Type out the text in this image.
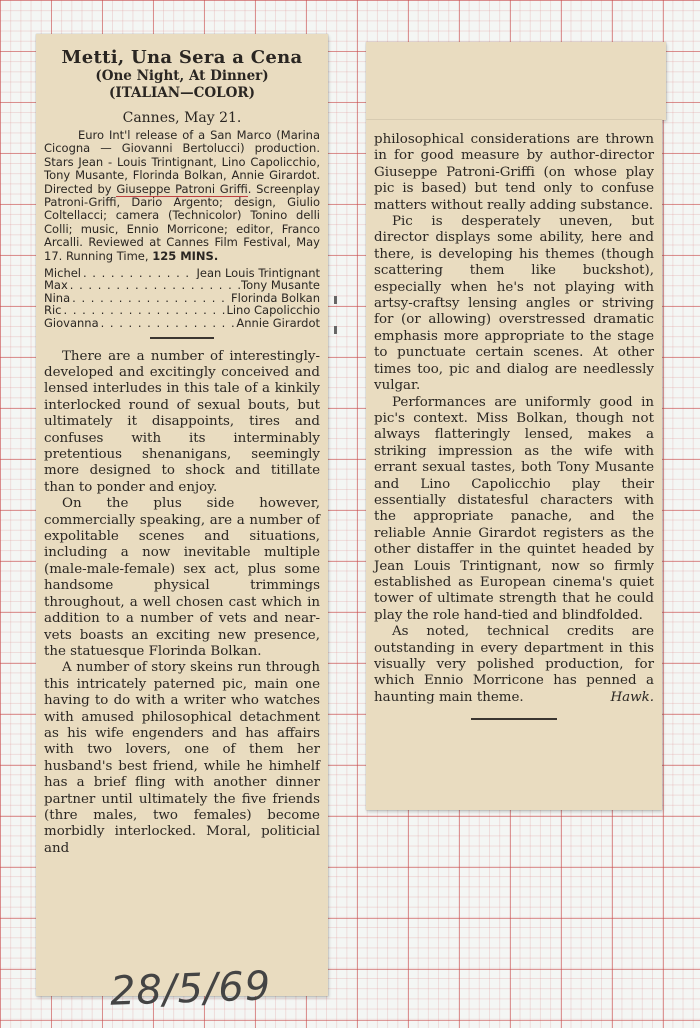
Metti, Una Sera a Cena
(One Night, At Dinner)
(ITALIAN—COLOR)
Cannes, May 21.
Euro Int'l release of a San Marco (Marina Cicogna — Giovanni Bertolucci) production. Stars Jean - Louis Trintignant, Lino Capolicchio, Tony Musante, Florinda Bolkan, Annie Girardot. Directed by Giuseppe Patroni Griffi. Screenplay Patroni-Griffi, Dario Argento; design, Giulio Coltellacci; camera (Technicolor) Tonino delli Colli; music, Ennio Morricone; editor, Franco Arcalli. Reviewed at Cannes Film Festival, May 17. Running Time, 125 MINS.
Michel . . .	Jean Louis Trintignant
Max . . .	Tony Musante
Nina . . .	Florinda Bolkan
Ric . . .	Lino Capolicchio
Giovanna . . .	Annie Girardot

There are a number of interestingly-developed and excitingly conceived and lensed interludes in this tale of a kinkily interlocked round of sexual bouts, but ultimately it disappoints, tires and confuses with its interminably pretentious shenanigans, seemingly more designed to shock and titillate than to ponder and enjoy.

On the plus side however, commercially speaking, are a number of expolitable scenes and situations, including a now inevitable multiple (male-male-female) sex act, plus some handsome physical trimmings throughout, a well chosen cast which in addition to a number of vets and near-vets boasts an exciting new presence, the statuesque Florinda Bolkan.

A number of story skeins run through this intricately paterned pic, main one having to do with a writer who watches with amused philosophical detachment as his wife engenders and has affairs with two lovers, one of them her husband's best friend, while he himhelf has a brief fling with another dinner partner until ultimately the five friends (thre males, two females) become morbidly interlocked. Moral, politicial and

28/5/69

philosophical considerations are thrown in for good measure by author-director Giuseppe Patroni-Griffi (on whose play pic is based) but tend only to confuse matters without really adding substance.

Pic is desperately uneven, but director displays some ability, here and there, is developing his themes (though scattering them like buckshot), especially when he's not playing with artsy-craftsy lensing angles or striving for (or allowing) overstressed dramatic emphasis more appropriate to the stage to punctuate certain scenes. At other times too, pic and dialog are needlessly vulgar.

Performances are uniformly good in pic's context. Miss Bolkan, though not always flatteringly lensed, makes a striking impression as the wife with errant sexual tastes, both Tony Musante and Lino Capolicchio play their essentially distatesful characters with the appropriate panache, and the reliable Annie Girardot registers as the other distaffer in the quintet headed by Jean Louis Trintignant, now so firmly established as European cinema's quiet tower of ultimate strength that he could play the role hand-tied and blindfolded.

As noted, technical credits are outstanding in every department in this visually very polished production, for which Ennio Morricone has penned a haunting main theme.	Hawk.
